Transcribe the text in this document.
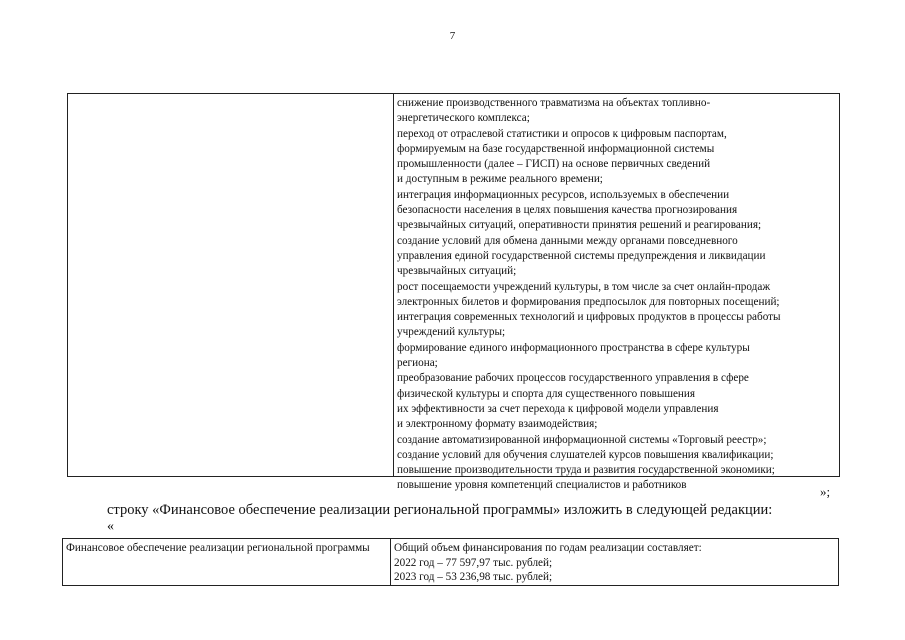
7
снижение производственного травматизма на объектах топливно-
энергетического комплекса;
переход от отраслевой статистики и опросов к цифровым паспортам,
формируемым на базе государственной информационной системы
промышленности (далее – ГИСП) на основе первичных сведений
и доступным в режиме реального времени;
интеграция информационных ресурсов, используемых в обеспечении
безопасности населения в целях повышения качества прогнозирования
чрезвычайных ситуаций, оперативности принятия решений и реагирования;
создание условий для обмена данными между органами повседневного
управления единой государственной системы предупреждения и ликвидации
чрезвычайных ситуаций;
рост посещаемости учреждений культуры, в том числе за счет онлайн-продаж
электронных билетов и формирования предпосылок для повторных посещений;
интеграция современных технологий и цифровых продуктов в процессы работы
учреждений культуры;
формирование единого информационного пространства в сфере культуры
региона;
преобразование рабочих процессов государственного управления в сфере
физической культуры и спорта для существенного повышения
их эффективности за счет перехода к цифровой модели управления
и электронному формату взаимодействия;
создание автоматизированной информационной системы «Торговый реестр»;
создание условий для обучения слушателей курсов повышения квалификации;
повышение производительности труда и развития государственной экономики;
повышение уровня компетенций специалистов и работников	»;
строку «Финансовое обеспечение реализации региональной программы» изложить в следующей редакции:
«
Финансовое обеспечение реализации региональной программы	Общий объем финансирования по годам реализации составляет:
2022 год – 77 597,97 тыс. рублей;
2023 год – 53 236,98 тыс. рублей;
